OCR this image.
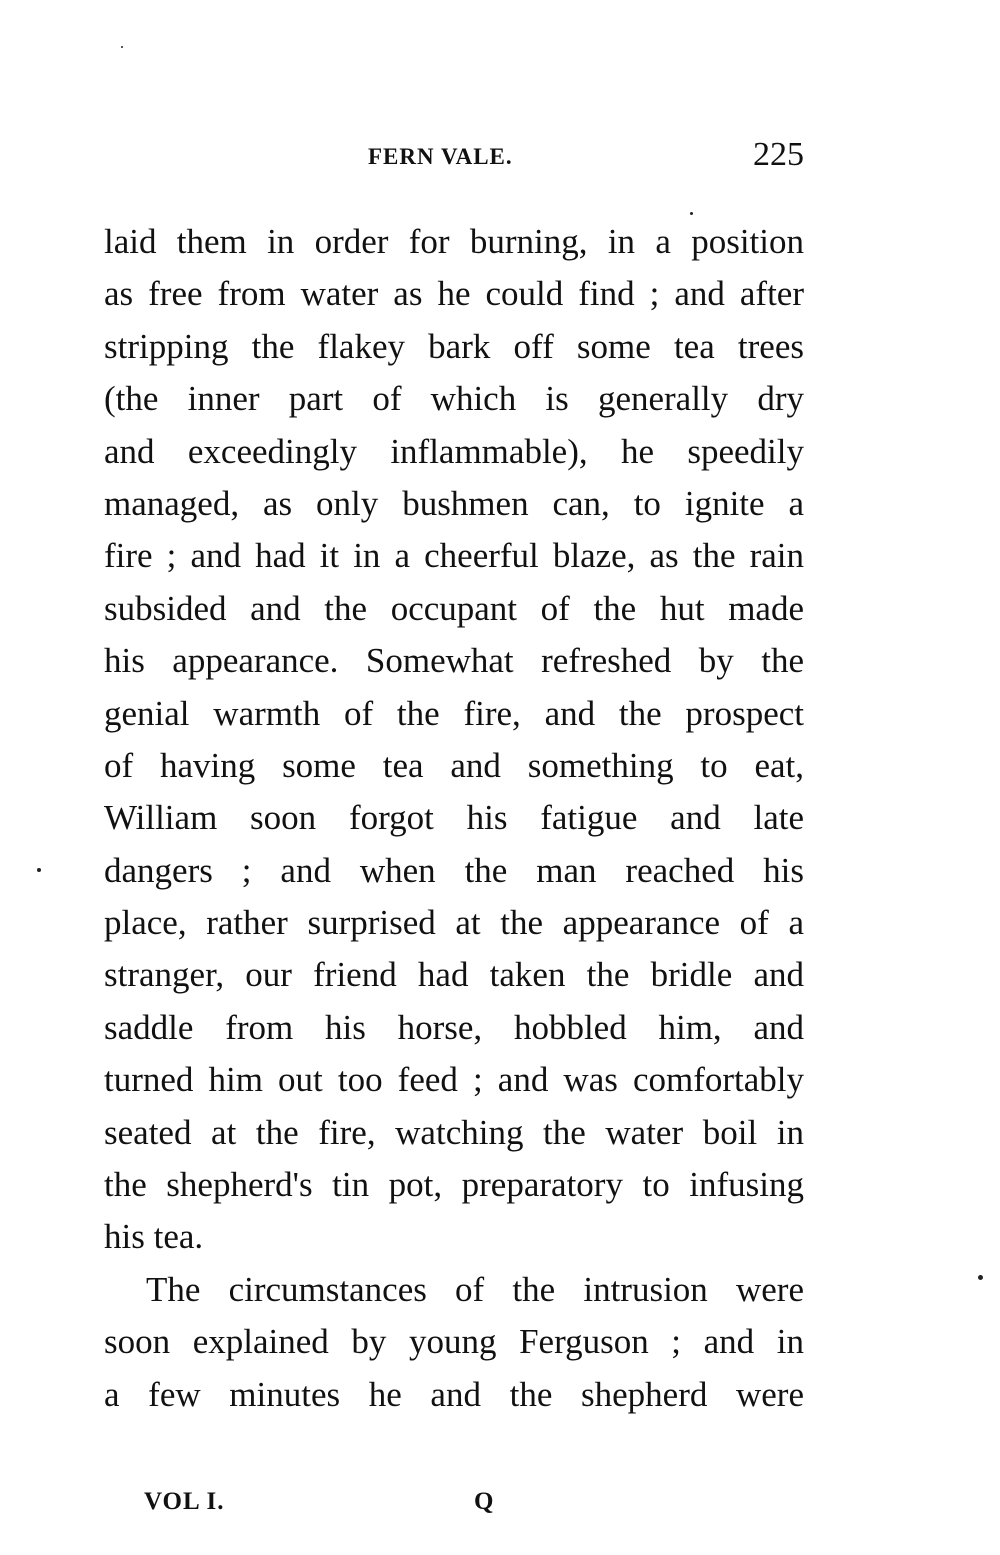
FERN VALE.	225
laid them in order for burning, in a position
as free from water as he could find ; and after
stripping the flakey bark off some tea trees
(the inner part of which is generally dry
and exceedingly inflammable), he speedily
managed, as only bushmen can, to ignite a
fire ; and had it in a cheerful blaze, as the rain
subsided and the occupant of the hut made
his appearance. Somewhat refreshed by the
genial warmth of the fire, and the prospect
of having some tea and something to eat,
William soon forgot his fatigue and late
dangers ; and when the man reached his
place, rather surprised at the appearance of a
stranger, our friend had taken the bridle and
saddle from his horse, hobbled him, and
turned him out too feed ; and was comfortably
seated at the fire, watching the water boil in
the shepherd's tin pot, preparatory to infusing
his tea.
The circumstances of the intrusion were
soon explained by young Ferguson ; and in
a few minutes he and the shepherd were
VOL I.	Q
